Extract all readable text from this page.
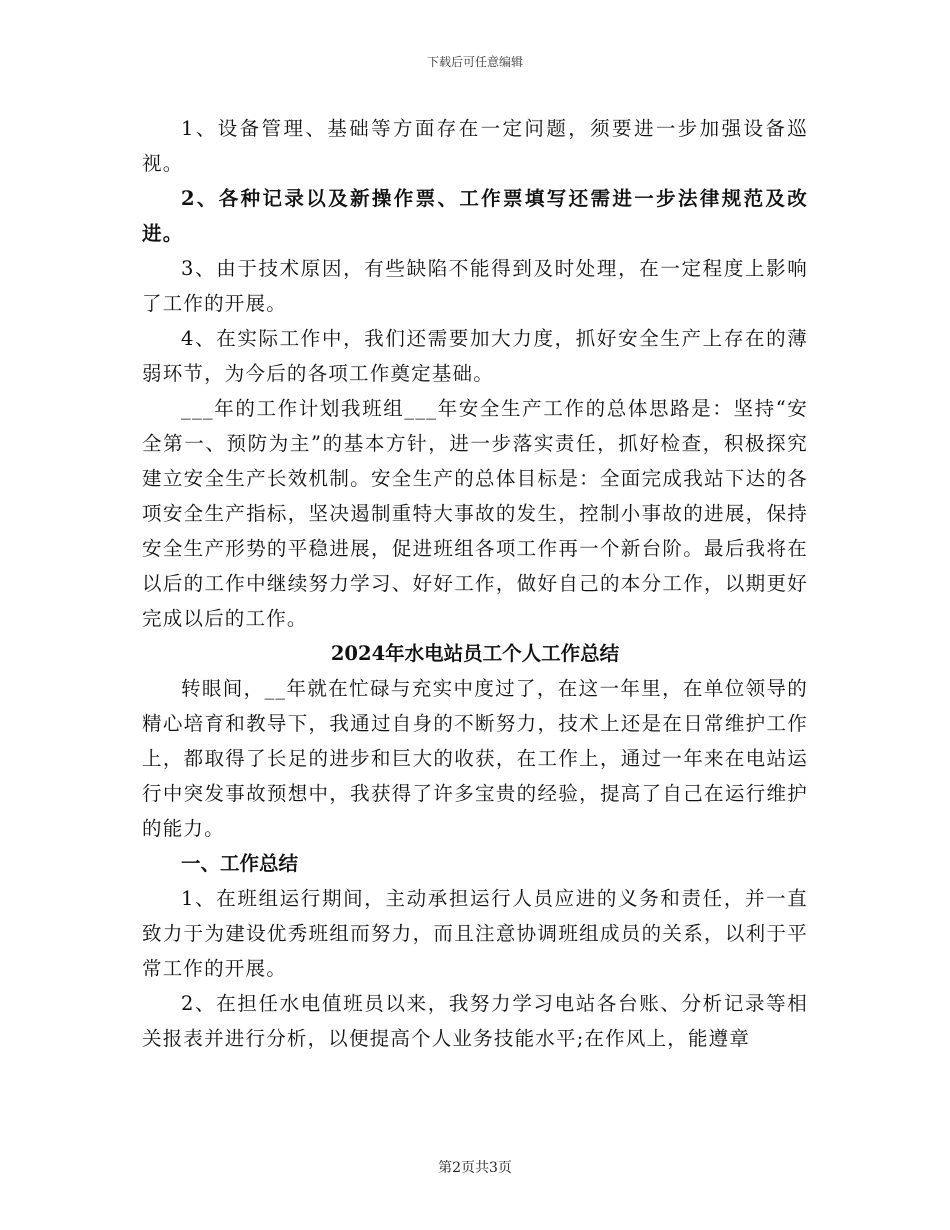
下载后可任意编辑

1、设备管理、基础等方面存在一定问题，须要进一步加强设备巡视。

2、各种记录以及新操作票、工作票填写还需进一步法律规范及改进。

3、由于技术原因，有些缺陷不能得到及时处理，在一定程度上影响了工作的开展。

4、在实际工作中，我们还需要加大力度，抓好安全生产上存在的薄弱环节，为今后的各项工作奠定基础。

___年的工作计划我班组___年安全生产工作的总体思路是：坚持“安全第一、预防为主”的基本方针，进一步落实责任，抓好检查，积极探究建立安全生产长效机制。安全生产的总体目标是：全面完成我站下达的各项安全生产指标，坚决遏制重特大事故的发生，控制小事故的进展，保持安全生产形势的平稳进展，促进班组各项工作再一个新台阶。最后我将在以后的工作中继续努力学习、好好工作，做好自己的本分工作，以期更好完成以后的工作。

2024年水电站员工个人工作总结

转眼间，__年就在忙碌与充实中度过了，在这一年里，在单位领导的精心培育和教导下，我通过自身的不断努力，技术上还是在日常维护工作上，都取得了长足的进步和巨大的收获，在工作上，通过一年来在电站运行中突发事故预想中，我获得了许多宝贵的经验，提高了自己在运行维护的能力。

一、工作总结

1、在班组运行期间，主动承担运行人员应进的义务和责任，并一直致力于为建设优秀班组而努力，而且注意协调班组成员的关系，以利于平常工作的开展。

2、在担任水电值班员以来，我努力学习电站各台账、分析记录等相关报表并进行分析，以便提高个人业务技能水平;在作风上，能遵章

第2页共3页
